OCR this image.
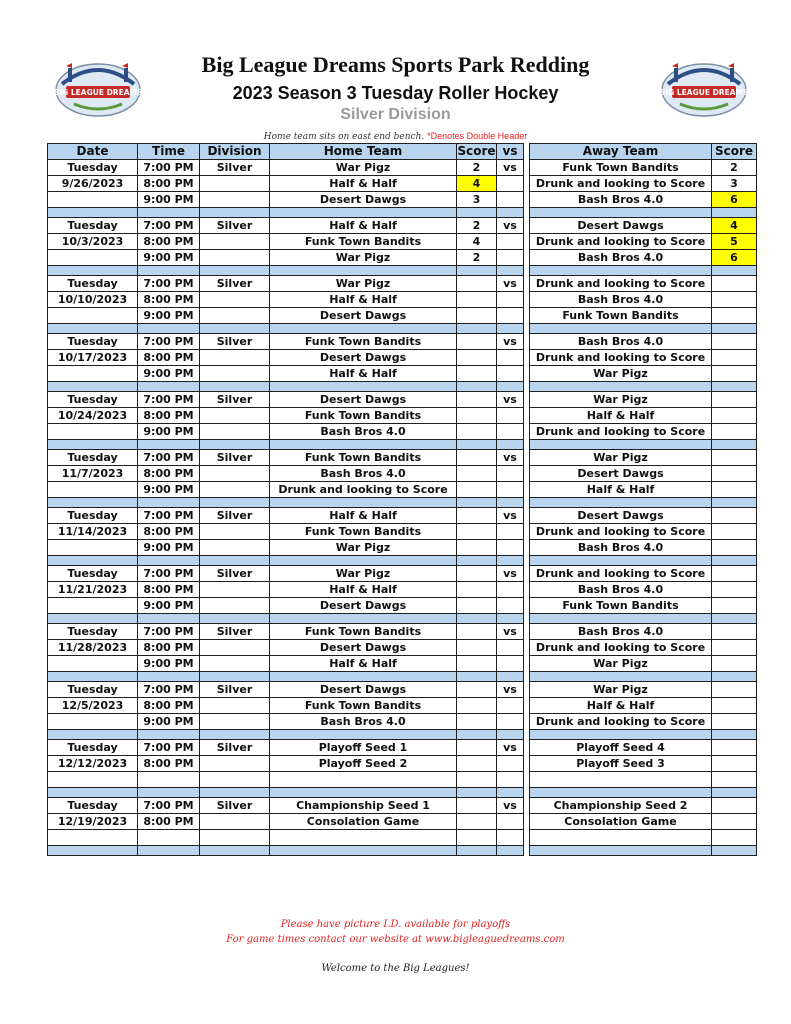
BIG LEAGUE DREAMS	BIG LEAGUE DREAMS
Big League Dreams Sports Park Redding
2023 Season 3 Tuesday Roller Hockey
Silver Division
Home team sits on east end bench. *Denotes Double Header
Date	Time	Division	Home Team	Score	vs		Away Team	Score
Tuesday	7:00 PM	Silver	War Pigz	2	vs		Funk Town Bandits	2
9/26/2023	8:00 PM		Half & Half	4			Drunk and looking to Score	3
	9:00 PM		Desert Dawgs	3			Bash Bros 4.0	6

Tuesday	7:00 PM	Silver	Half & Half	2	vs		Desert Dawgs	4
10/3/2023	8:00 PM		Funk Town Bandits	4			Drunk and looking to Score	5
	9:00 PM		War Pigz	2			Bash Bros 4.0	6

Tuesday	7:00 PM	Silver	War Pigz		vs		Drunk and looking to Score	
10/10/2023	8:00 PM		Half & Half				Bash Bros 4.0	
	9:00 PM		Desert Dawgs				Funk Town Bandits	

Tuesday	7:00 PM	Silver	Funk Town Bandits		vs		Bash Bros 4.0	
10/17/2023	8:00 PM		Desert Dawgs				Drunk and looking to Score	
	9:00 PM		Half & Half				War Pigz	

Tuesday	7:00 PM	Silver	Desert Dawgs		vs		War Pigz	
10/24/2023	8:00 PM		Funk Town Bandits				Half & Half	
	9:00 PM		Bash Bros 4.0				Drunk and looking to Score	

Tuesday	7:00 PM	Silver	Funk Town Bandits		vs		War Pigz	
11/7/2023	8:00 PM		Bash Bros 4.0				Desert Dawgs	
	9:00 PM		Drunk and looking to Score				Half & Half	

Tuesday	7:00 PM	Silver	Half & Half		vs		Desert Dawgs	
11/14/2023	8:00 PM		Funk Town Bandits				Drunk and looking to Score	
	9:00 PM		War Pigz				Bash Bros 4.0	

Tuesday	7:00 PM	Silver	War Pigz		vs		Drunk and looking to Score	
11/21/2023	8:00 PM		Half & Half				Bash Bros 4.0	
	9:00 PM		Desert Dawgs				Funk Town Bandits	

Tuesday	7:00 PM	Silver	Funk Town Bandits		vs		Bash Bros 4.0	
11/28/2023	8:00 PM		Desert Dawgs				Drunk and looking to Score	
	9:00 PM		Half & Half				War Pigz	

Tuesday	7:00 PM	Silver	Desert Dawgs		vs		War Pigz	
12/5/2023	8:00 PM		Funk Town Bandits				Half & Half	
	9:00 PM		Bash Bros 4.0				Drunk and looking to Score	

Tuesday	7:00 PM	Silver	Playoff Seed 1		vs		Playoff Seed 4	
12/12/2023	8:00 PM		Playoff Seed 2				Playoff Seed 3	

Tuesday	7:00 PM	Silver	Championship Seed 1		vs		Championship Seed 2	
12/19/2023	8:00 PM		Consolation Game				Consolation Game	

Please have picture I.D. available for playoffs
For game times contact our website at www.bigleaguedreams.com
Welcome to the Big Leagues!
